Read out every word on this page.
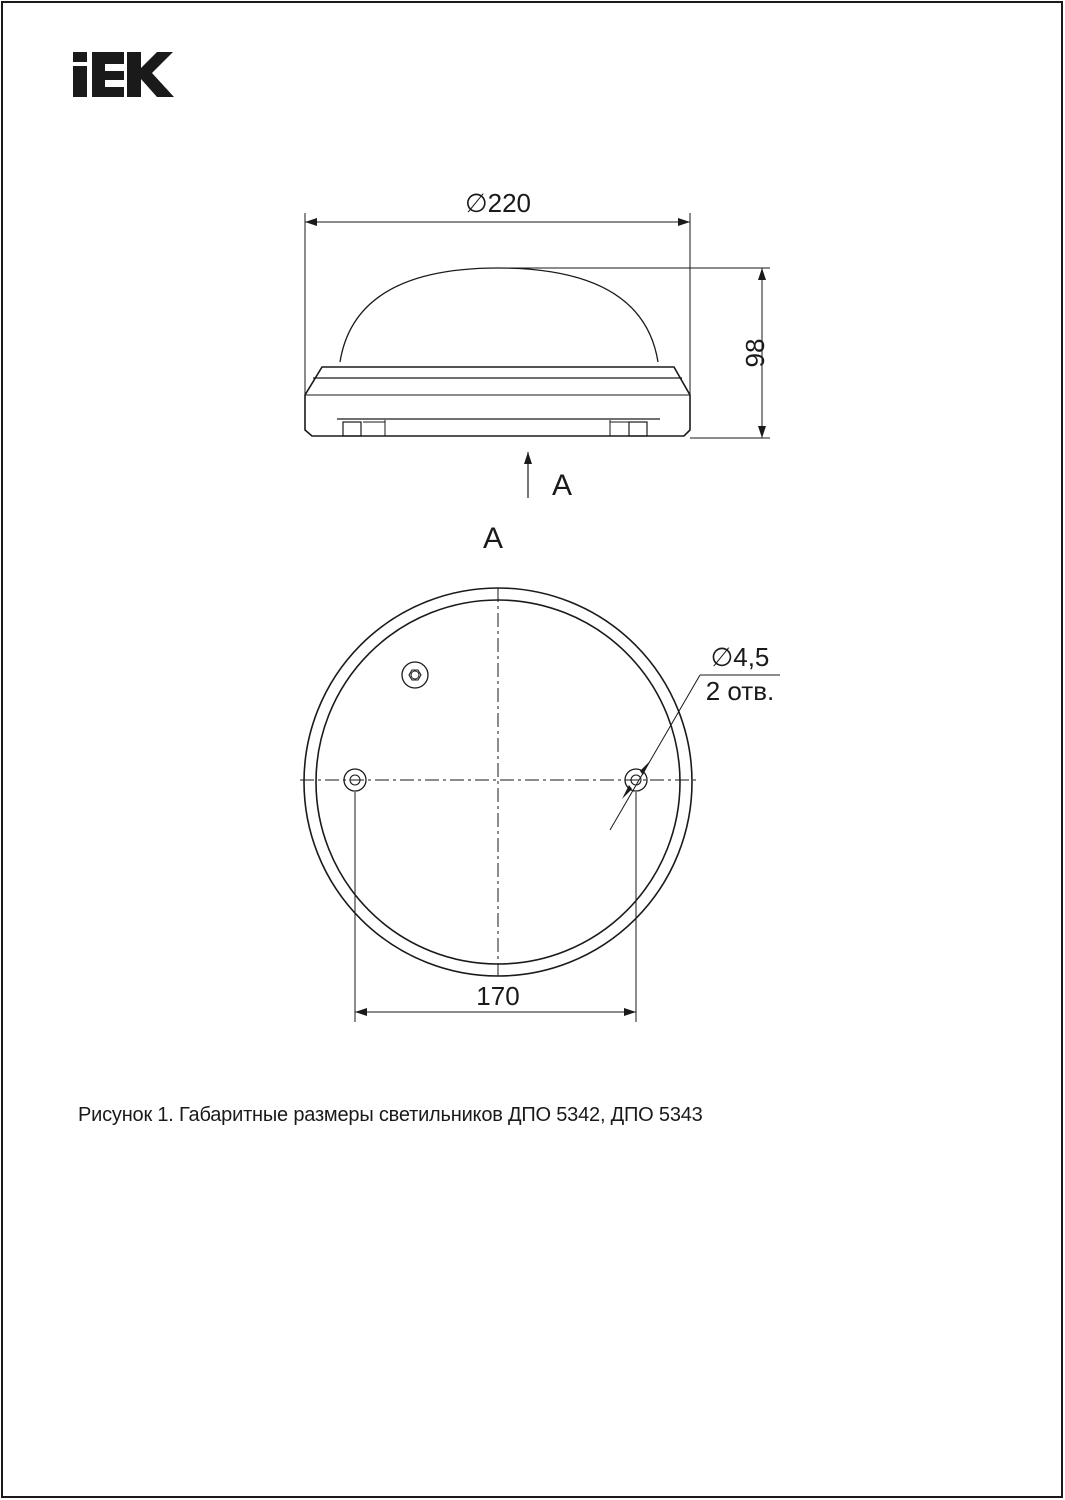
∅220
98
A
A
∅4,5
2 отв.
170
Рисунок 1. Габаритные размеры светильников ДПО 5342, ДПО 5343
